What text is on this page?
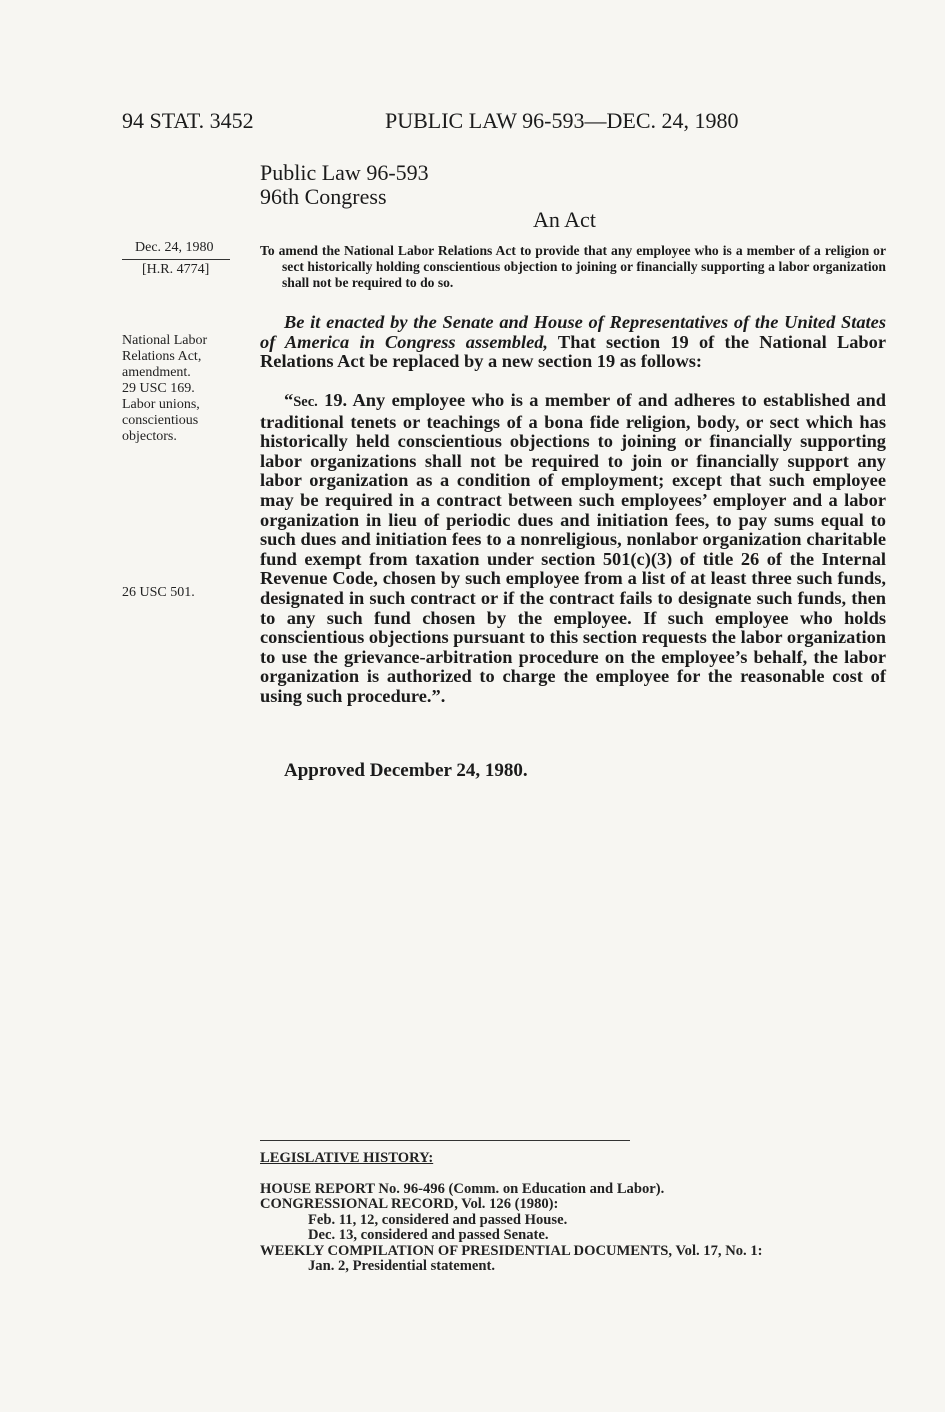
94 STAT. 3452	PUBLIC LAW 96-593—DEC. 24, 1980
Public Law 96-593
96th Congress
An Act
Dec. 24, 1980
[H.R. 4774]
National Labor
Relations Act,
amendment.
29 USC 169.
Labor unions,
conscientious
objectors.
26 USC 501.
To amend the National Labor Relations Act to provide that any employee who is a member of a religion or sect historically holding conscientious objection to joining or financially supporting a labor organization shall not be required to do so.
Be it enacted by the Senate and House of Representatives of the United States of America in Congress assembled, That section 19 of the National Labor Relations Act be replaced by a new section 19 as follows:
“Sec. 19. Any employee who is a member of and adheres to established and traditional tenets or teachings of a bona fide religion, body, or sect which has historically held conscientious objections to joining or financially supporting labor organizations shall not be required to join or financially support any labor organization as a condition of employment; except that such employee may be required in a contract between such employees’ employer and a labor organization in lieu of periodic dues and initiation fees, to pay sums equal to such dues and initiation fees to a nonreligious, nonlabor organization charitable fund exempt from taxation under section 501(c)(3) of title 26 of the Internal Revenue Code, chosen by such employee from a list of at least three such funds, designated in such contract or if the contract fails to designate such funds, then to any such fund chosen by the employee. If such employee who holds conscientious objections pursuant to this section requests the labor organization to use the grievance-arbitration procedure on the employee’s behalf, the labor organization is authorized to charge the employee for the reasonable cost of using such procedure.”.
Approved December 24, 1980.
LEGISLATIVE HISTORY:
HOUSE REPORT No. 96-496 (Comm. on Education and Labor).
CONGRESSIONAL RECORD, Vol. 126 (1980):
Feb. 11, 12, considered and passed House.
Dec. 13, considered and passed Senate.
WEEKLY COMPILATION OF PRESIDENTIAL DOCUMENTS, Vol. 17, No. 1:
Jan. 2, Presidential statement.
